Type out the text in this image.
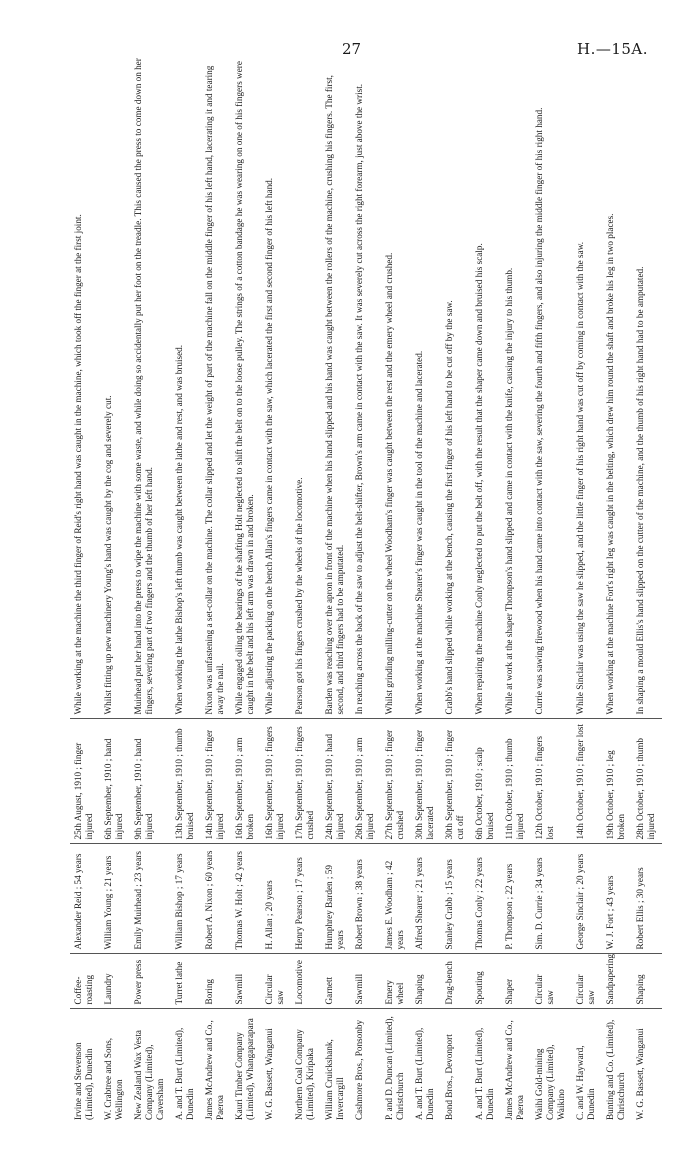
27	H.—15A.
Irvine and Stevenson (Limited), Dunedin	Coffee-roasting	Alexander Reid ; 54 years	25th August, 1910 ; finger injured	While working at the machine the third finger of Reid's right hand was caught in the machine, which took off the finger at the first joint.
W. Crabtree and Sons, Wellington	Laundry	William Young ; 21 years	6th September, 1910 ; hand injured	Whilst fitting up new machinery Young's hand was caught by the cog and severely cut.
New Zealand Wax Vesta Company (Limited), Caversham	Power press	Emily Muirhead ; 23 years	9th September, 1910 ; hand injured	Muirhead put her hand into the press to wipe the machine with some waste, and while doing so accidentally put her foot on the treadle. This caused the press to come down on her fingers, severing part of two fingers and the thumb of her left hand.
A. and T. Burt (Limited), Dunedin	Turret lathe	William Bishop ; 17 years	13th September, 1910 ; thumb bruised	When working the lathe Bishop's left thumb was caught between the lathe and rest, and was bruised.
James McAndrew and Co., Paeroa	Boring	Robert A. Nixon ; 60 years	14th September, 1910 ; finger injured	Nixon was unfastening a set-collar on the machine. The collar slipped and let the weight of part of the machine fall on the middle finger of his left hand, lacerating it and tearing away the nail.
Kauri Timber Company (Limited), Whangaparapara	Sawmill	Thomas W. Holt ; 42 years	16th September, 1910 ; arm broken	While engaged oiling the bearings of the shafting Holt neglected to shift the belt on to the loose pulley. The strings of a cotton bandage he was wearing on one of his fingers were caught in the belt and his left arm was drawn in and broken.
W. G. Bassett, Wanganui	Circular saw	H. Allan ; 20 years	16th September, 1910 ; fingers injured	While adjusting the packing on the bench Allan's fingers came in contact with the saw, which lacerated the first and second finger of his left hand.
Northern Coal Company (Limited), Kiripaka	Locomotive	Henry Pearson ; 17 years	17th September, 1910 ; fingers crushed	Pearson got his fingers crushed by the wheels of the locomotive.
William Cruickshank, Invercargill	Garnett	Humphrey Barden ; 59 years	24th September, 1910 ; hand injured	Barden was reaching over the apron in front of the machine when his hand slipped and his hand was caught between the rollers of the machine, crushing his fingers. The first, second, and third fingers had to be amputated.
Cashmore Bros., Ponsonby	Sawmill	Robert Brown ; 38 years	26th September, 1910 ; arm injured	In reaching across the back of the saw to adjust the belt-shifter, Brown's arm came in contact with the saw. It was severely cut across the right forearm, just above the wrist.
P. and D. Duncan (Limited), Christchurch	Emery wheel	James E. Woodham ; 42 years	27th September, 1910 ; finger crushed	Whilst grinding milling-cutter on the wheel Woodham's finger was caught between the rest and the emery wheel and crushed.
A. and T. Burt (Limited), Dunedin	Shaping	Alfred Shearer ; 21 years	30th September, 1910 ; finger lacerated	When working at the machine Shearer's finger was caught in the tool of the machine and lacerated.
Bond Bros., Devonport	Drag-bench	Stanley Crabb ; 15 years	30th September, 1910 ; finger cut off	Crabb's hand slipped while working at the bench, causing the first finger of his left hand to be cut off by the saw.
A. and T. Burt (Limited), Dunedin	Spouting	Thomas Conly ; 22 years	6th October, 1910 ; scalp bruised	When repairing the machine Conly neglected to put the belt off, with the result that the shaper came down and bruised his scalp.
James McAndrew and Co., Paeroa	Shaper	P. Thompson ; 22 years	11th October, 1910 ; thumb injured	While at work at the shaper Thompson's hand slipped and came in contact with the knife, causing the injury to his thumb.
Waihi Gold-mining Company (Limited), Waikino	Circular saw	Sim. D. Currie ; 34 years	12th October, 1910 ; fingers lost	Currie was sawing firewood when his hand came into contact with the saw, severing the fourth and fifth fingers, and also injuring the middle finger of his right hand.
C. and W. Hayward, Dunedin	Circular saw	George Sinclair ; 20 years	14th October, 1910 ; finger lost	While Sinclair was using the saw he slipped, and the little finger of his right hand was cut off by coming in contact with the saw.
Bunting and Co. (Limited), Christchurch	Sandpapering	W. J. Fort ; 43 years	19th October, 1910 ; leg broken	When working at the machine Fort's right leg was caught in the belting, which drew him round the shaft and broke his leg in two places.
W. G. Bassett, Wanganui	Shaping	Robert Ellis ; 30 years	28th October, 1910 ; thumb injured	In shaping a mould Ellis's hand slipped on the cutter of the machine, and the thumb of his right hand had to be amputated.
